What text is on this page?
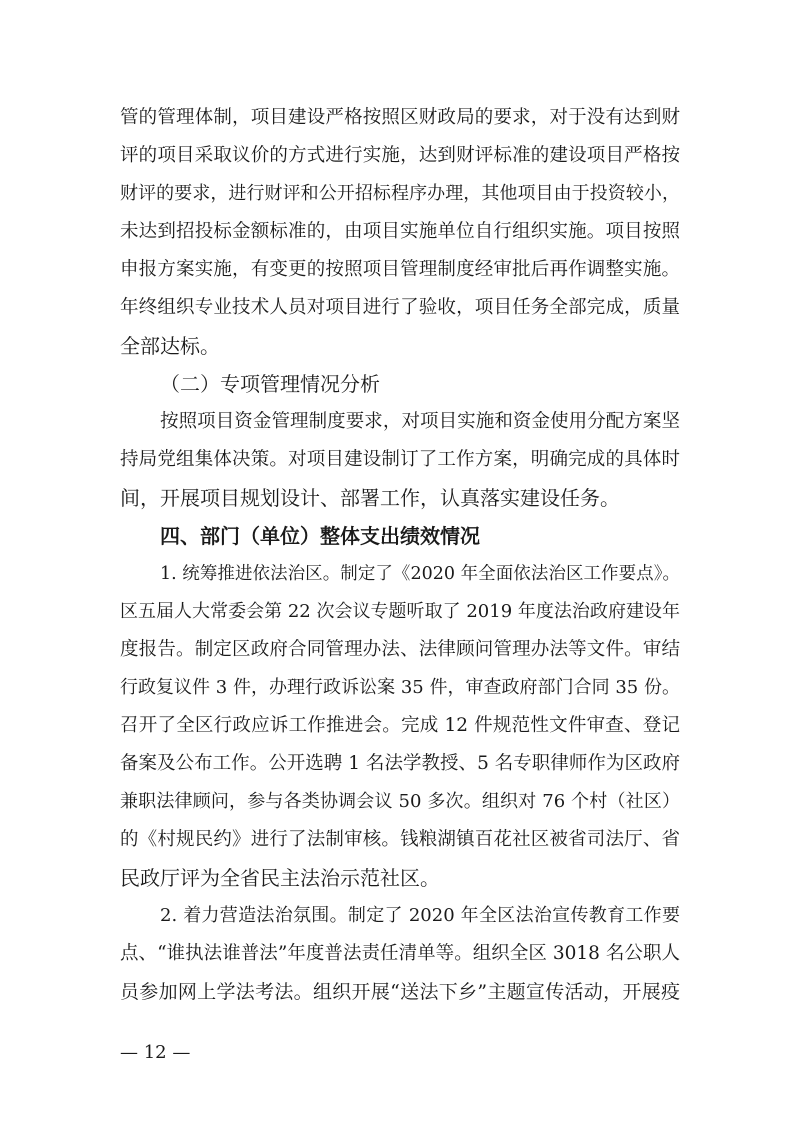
管的管理体制，项目建设严格按照区财政局的要求，对于没有达到财
评的项目采取议价的方式进行实施，达到财评标准的建设项目严格按
财评的要求，进行财评和公开招标程序办理，其他项目由于投资较小，
未达到招投标金额标准的，由项目实施单位自行组织实施。项目按照
申报方案实施，有变更的按照项目管理制度经审批后再作调整实施。
年终组织专业技术人员对项目进行了验收，项目任务全部完成，质量
全部达标。
（二）专项管理情况分析
按照项目资金管理制度要求，对项目实施和资金使用分配方案坚
持局党组集体决策。对项目建设制订了工作方案，明确完成的具体时
间，开展项目规划设计、部署工作，认真落实建设任务。
四、部门（单位）整体支出绩效情况
1. 统筹推进依法治区。制定了《2020 年全面依法治区工作要点》。
区五届人大常委会第 22 次会议专题听取了 2019 年度法治政府建设年
度报告。制定区政府合同管理办法、法律顾问管理办法等文件。审结
行政复议件 3 件，办理行政诉讼案 35 件，审查政府部门合同 35 份。
召开了全区行政应诉工作推进会。完成 12 件规范性文件审查、登记
备案及公布工作。公开选聘 1 名法学教授、5 名专职律师作为区政府
兼职法律顾问，参与各类协调会议 50 多次。组织对 76 个村（社区）
的《村规民约》进行了法制审核。钱粮湖镇百花社区被省司法厅、省
民政厅评为全省民主法治示范社区。
2. 着力营造法治氛围。制定了 2020 年全区法治宣传教育工作要
点、“谁执法谁普法”年度普法责任清单等。组织全区 3018 名公职人
员参加网上学法考法。组织开展“送法下乡”主题宣传活动，开展疫
— 12 —
